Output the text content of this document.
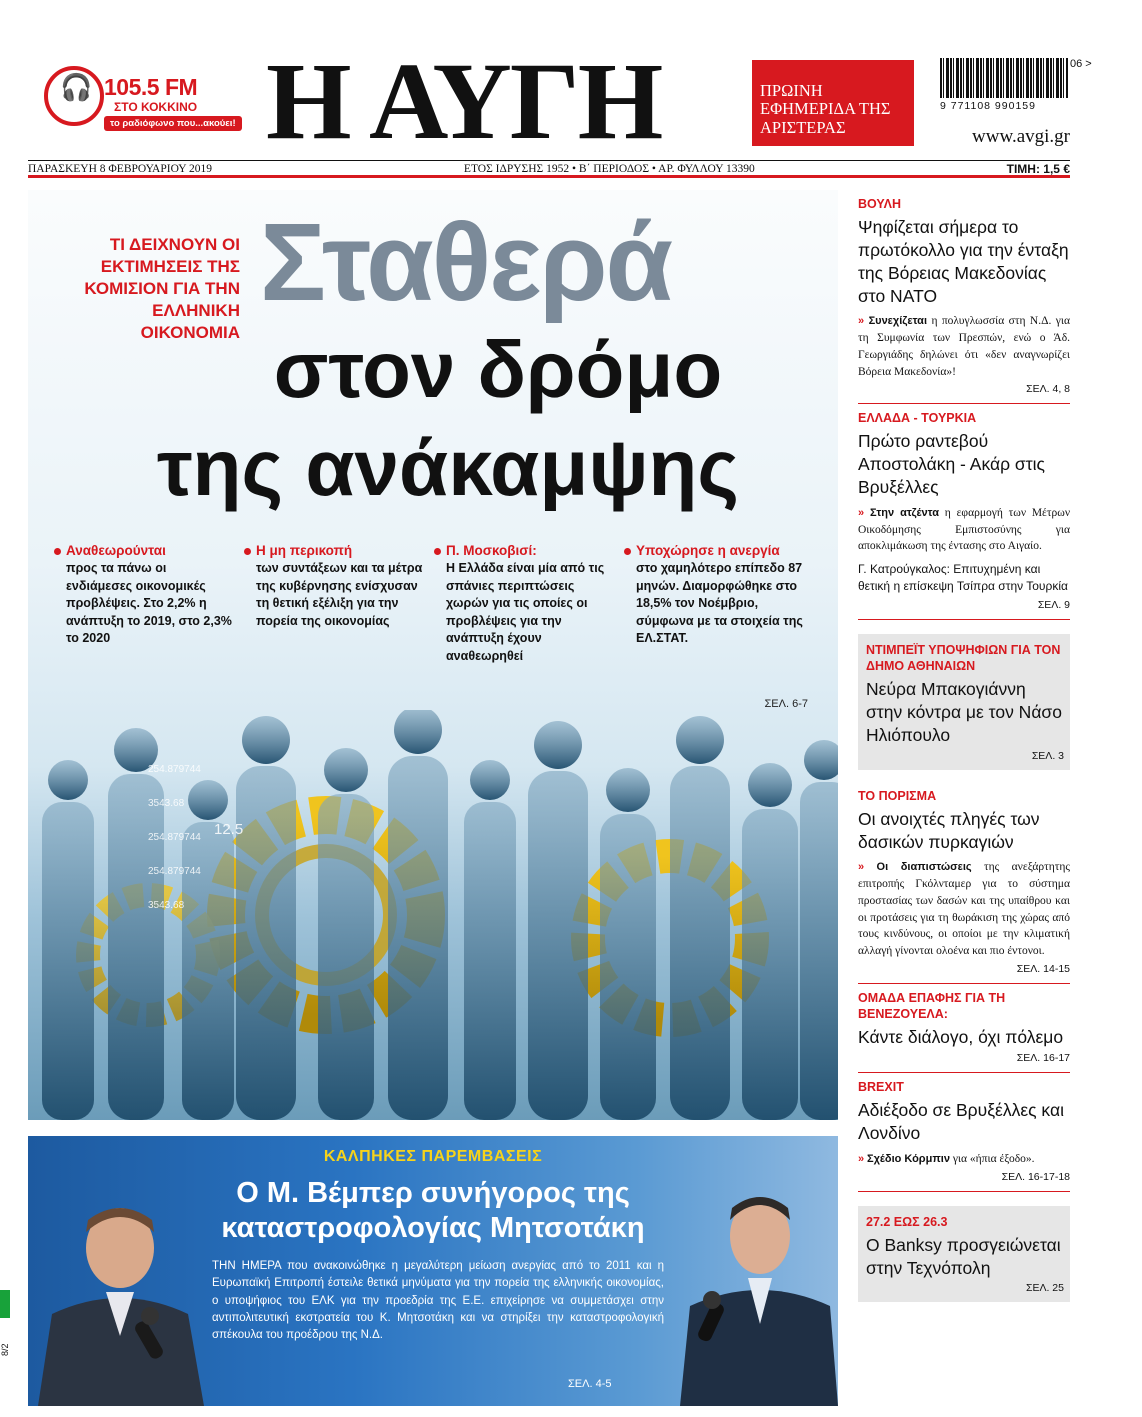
🎧 105.5 FM
ΣΤΟ ΚΟΚΚΙΝΟ
το ραδιόφωνο που...ακούει! Η ΑΥΓΗ	ΠΡΩΙΝΗ ΕΦΗΜΕΡΙΔΑ ΤΗΣ ΑΡΙΣΤΕΡΑΣ
06 >
9 771108 990159
www.avgi.gr
ΠΑΡΑΣΚΕΥΗ 8 ΦΕΒΡΟΥΑΡΙΟΥ 2019	ΕΤΟΣ ΙΔΡΥΣΗΣ 1952 • Β΄ ΠΕΡΙΟΔΟΣ • ΑΡ. ΦΥΛΛΟΥ 13390	ΤΙΜΗ: 1,5 €
ΤΙ ΔΕΙΧΝΟΥΝ ΟΙ ΕΚΤΙΜΗΣΕΙΣ ΤΗΣ ΚΟΜΙΣΙΟΝ ΓΙΑ ΤΗΝ ΕΛΛΗΝΙΚΗ ΟΙΚΟΝΟΜΙΑ
Σταθερά
στον δρόμο
της ανάκαμψης
Αναθεωρούνται
προς τα πάνω οι ενδιάμεσες οικονομικές προβλέψεις. Στο 2,2% η ανάπτυξη το 2019, στο 2,3% το 2020
Η μη περικοπή
των συντάξεων και τα μέτρα της κυβέρνησης ενίσχυσαν τη θετική εξέλιξη για την πορεία της οικονομίας
Π. Μοσκοβισί:
Η Ελλάδα είναι μία από τις σπάνιες περιπτώσεις χωρών για τις οποίες οι προβλέψεις για την ανάπτυξη έχουν αναθεωρηθεί
Υποχώρησε η ανεργία
στο χαμηλότερο επίπεδο 87 μηνών. Διαμορφώθηκε στο 18,5% τον Νοέμβριο, σύμφωνα με τα στοιχεία της ΕΛ.ΣΤΑΤ.
ΣΕΛ. 6-7
254.879744
3543.68
254.879744
254.879744
3543.68
12.5
ΚΑΛΠΗΚΕΣ ΠΑΡΕΜΒΑΣΕΙΣ
Ο Μ. Βέμπερ συνήγορος της καταστροφολογίας Μητσοτάκη
ΤΗΝ ΗΜΕΡΑ που ανακοινώθηκε η μεγαλύτερη μείωση ανεργίας από το 2011 και η Ευρωπαϊκή Επιτροπή έστειλε θετικά μηνύματα για την πορεία της ελληνικής οικονομίας, ο υποψήφιος του ΕΛΚ για την προεδρία της Ε.Ε. επιχείρησε να συμμετάσχει στην αντιπολιτευτική εκστρατεία του Κ. Μητσοτάκη και να στηρίξει την καταστροφολογική σπέκουλα του προέδρου της Ν.Δ.
ΣΕΛ. 4-5
ΒΟΥΛΗ
Ψηφίζεται σήμερα το πρωτόκολλο για την ένταξη της Βόρειας Μακεδονίας στο ΝΑΤΟ
» Συνεχίζεται η πολυγλωσσία στη Ν.Δ. για τη Συμφωνία των Πρεσπών, ενώ ο Άδ. Γεωργιάδης δηλώνει ότι «δεν αναγνωρίζει Βόρεια Μακεδονία»!
ΣΕΛ. 4, 8
ΕΛΛΑΔΑ - ΤΟΥΡΚΙΑ
Πρώτο ραντεβού Αποστολάκη - Ακάρ στις Βρυξέλλες
» Στην ατζέντα η εφαρμογή των Μέτρων Οικοδόμησης Εμπιστοσύνης για αποκλιμάκωση της έντασης στο Αιγαίο.
Γ. Κατρούγκαλος: Επιτυχημένη και θετική η επίσκεψη Τσίπρα στην Τουρκία
ΣΕΛ. 9
ΝΤΙΜΠΕΪΤ ΥΠΟΨΗΦΙΩΝ ΓΙΑ ΤΟΝ ΔΗΜΟ ΑΘΗΝΑΙΩΝ
Νεύρα Μπακογιάννη στην κόντρα με τον Νάσο Ηλιόπουλο
ΣΕΛ. 3
ΤΟ ΠΟΡΙΣΜΑ
Οι ανοιχτές πληγές των δασικών πυρκαγιών
» Οι διαπιστώσεις της ανεξάρτητης επιτροπής Γκόλνταμερ για το σύστημα προστασίας των δασών και της υπαίθρου και οι προτάσεις για τη θωράκιση της χώρας από τους κινδύνους, οι οποίοι με την κλιματική αλλαγή γίνονται ολοένα και πιο έντονοι.
ΣΕΛ. 14-15
ΟΜΑΔΑ ΕΠΑΦΗΣ ΓΙΑ ΤΗ ΒΕΝΕΖΟΥΕΛΑ:
Κάντε διάλογο, όχι πόλεμο
ΣΕΛ. 16-17
BREXIT
Αδιέξοδο σε Βρυξέλλες και Λονδίνο
» Σχέδιο Κόρμπιν για «ήπια έξοδο».
ΣΕΛ. 16-17-18
27.2 ΕΩΣ 26.3
Ο Banksy προσγειώνεται στην Τεχνόπολη
ΣΕΛ. 25
8/2
